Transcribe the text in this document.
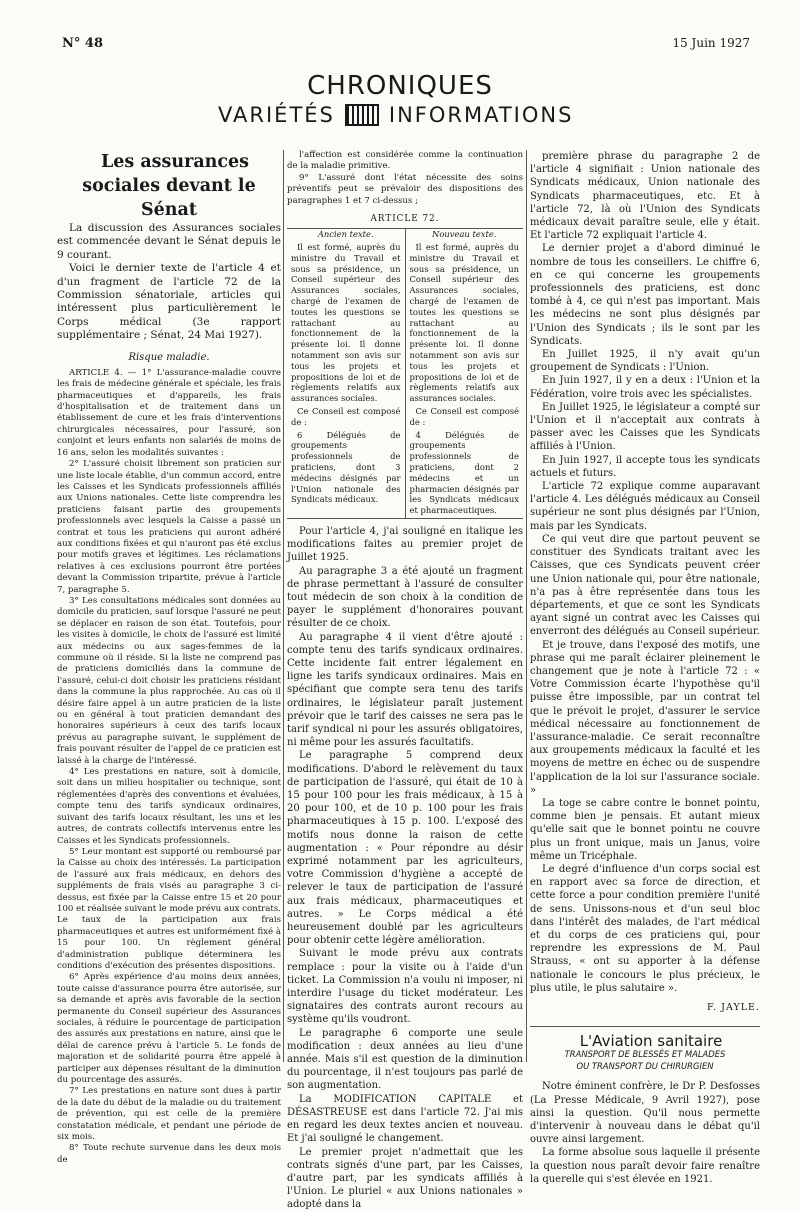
N° 48	15 Juin 1927
CHRONIQUES
VARIÉTÉS	INFORMATIONS

Les assurances sociales devant le Sénat

La discussion des Assurances sociales est commencée devant le Sénat depuis le 9 courant.

Voici le dernier texte de l'article 4 et d'un fragment de l'article 72 de la Commission sénatoriale, articles qui intéressent plus particulièrement le Corps médical (3e rapport supplémentaire ; Sénat, 24 Mai 1927).

Risque maladie.

ARTICLE 4. — 1° L'assurance-maladie couvre les frais de médecine générale et spéciale, les frais pharmaceutiques et d'appareils, les frais d'hospitalisation et de traitement dans un établissement de cure et les frais d'interventions chirurgicales nécessaires, pour l'assuré, son conjoint et leurs enfants non salariés de moins de 16 ans, selon les modalités suivantes :

2° L'assuré choisit librement son praticien sur une liste locale établie, d'un commun accord, entre les Caisses et les Syndicats professionnels affiliés aux Unions nationales. Cette liste comprendra les praticiens faisant partie des groupements professionnels avec lesquels la Caisse a passé un contrat et tous les praticiens qui auront adhéré aux conditions fixées et qui n'auront pas été exclus pour motifs graves et légitimes. Les réclamations relatives à ces exclusions pourront être portées devant la Commission tripartite, prévue à l'article 7, paragraphe 5.

3° Les consultations médicales sont données au domicile du praticien, sauf lorsque l'assuré ne peut se déplacer en raison de son état. Toutefois, pour les visites à domicile, le choix de l'assuré est limité aux médecins ou aux sages-femmes de la commune où il réside. Si la liste ne comprend pas de praticiens domiciliés dans la commune de l'assuré, celui-ci doit choisir les praticiens résidant dans la commune la plus rapprochée. Au cas où il désire faire appel à un autre praticien de la liste ou en général à tout praticien demandant des honoraires supérieurs à ceux des tarifs locaux prévus au paragraphe suivant, le supplément de frais pouvant résulter de l'appel de ce praticien est laissé à la charge de l'intéressé.

4° Les prestations en nature, soit à domicile, soit dans un milieu hospitalier ou technique, sont réglementées d'après des conventions et évaluées, compte tenu des tarifs syndicaux ordinaires, suivant des tarifs locaux résultant, les uns et les autres, de contrats collectifs intervenus entre les Caisses et les Syndicats professionnels.

5° Leur montant est supporté ou remboursé par la Caisse au choix des intéressés. La participation de l'assuré aux frais médicaux, en dehors des suppléments de frais visés au paragraphe 3 ci-dessus, est fixée par la Caisse entre 15 et 20 pour 100 et réalisée suivant le mode prévu aux contrats. Le taux de la participation aux frais pharmaceutiques et autres est uniformément fixé à 15 pour 100. Un règlement général d'administration publique déterminera les conditions d'exécution des présentes dispositions.

6° Après expérience d'au moins deux années, toute caisse d'assurance pourra être autorisée, sur sa demande et après avis favorable de la section permanente du Conseil supérieur des Assurances sociales, à réduire le pourcentage de participation des assurés aux prestations en nature, ainsi que le délai de carence prévu à l'article 5. Le fonds de majoration et de solidarité pourra être appelé à participer aux dépenses résultant de la diminution du pourcentage des assurés.

7° Les prestations en nature sont dues à partir de la date du début de la maladie ou du traitement de prévention, qui est celle de la première constatation médicale, et pendant une période de six mois.

8° Toute rechute survenue dans les deux mois de

l'affection est considérée comme la continuation de la maladie primitive.

9° L'assuré dont l'état nécessite des soins préventifs peut se prévaloir des dispositions des paragraphes 1 et 7 ci-dessus ;

ARTICLE 72.
Ancien texte.

Il est formé, auprès du ministre du Travail et sous sa présidence, un Conseil supérieur des Assurances sociales, chargé de l'examen de toutes les questions se rattachant au fonctionnement de la présente loi. Il donne notamment son avis sur tous les projets et propositions de loi et de règlements relatifs aux assurances sociales.

Ce Conseil est composé de :

6 Délégués de groupements professionnels de praticiens, dont 3 médecins désignés par l'Union nationale des Syndicats médicaux.

Nouveau texte.

Il est formé, auprès du ministre du Travail et sous sa présidence, un Conseil supérieur des Assurances sociales, chargé de l'examen de toutes les questions se rattachant au fonctionnement de la présente loi. Il donne notamment son avis sur tous les projets et propositions de loi et de règlements relatifs aux assurances sociales.

Ce Conseil est composé de :

4 Délégués de groupements professionnels de praticiens, dont 2 médecins et un pharmacien désignés par les Syndicats médicaux et pharmaceutiques.

Pour l'article 4, j'ai souligné en italique les modifications faites au premier projet de Juillet 1925.

Au paragraphe 3 a été ajouté un fragment de phrase permettant à l'assuré de consulter tout médecin de son choix à la condition de payer le supplément d'honoraires pouvant résulter de ce choix.

Au paragraphe 4 il vient d'être ajouté : compte tenu des tarifs syndicaux ordinaires. Cette incidente fait entrer légalement en ligne les tarifs syndicaux ordinaires. Mais en spécifiant que compte sera tenu des tarifs ordinaires, le législateur paraît justement prévoir que le tarif des caisses ne sera pas le tarif syndical ni pour les assurés obligatoires, ni même pour les assurés facultatifs.

Le paragraphe 5 comprend deux modifications. D'abord le relèvement du taux de participation de l'assuré, qui était de 10 à 15 pour 100 pour les frais médicaux, à 15 à 20 pour 100, et de 10 p. 100 pour les frais pharmaceutiques à 15 p. 100. L'exposé des motifs nous donne la raison de cette augmentation : « Pour répondre au désir exprimé notamment par les agriculteurs, votre Commission d'hygiène a accepté de relever le taux de participation de l'assuré aux frais médicaux, pharmaceutiques et autres. » Le Corps médical a été heureusement doublé par les agriculteurs pour obtenir cette légère amélioration.

Suivant le mode prévu aux contrats remplace : pour la visite ou à l'aide d'un ticket. La Commission n'a voulu ni imposer, ni interdire l'usage du ticket modérateur. Les signataires des contrats auront recours au système qu'ils voudront.

Le paragraphe 6 comporte une seule modification : deux années au lieu d'une année. Mais s'il est question de la diminution du pourcentage, il n'est toujours pas parlé de son augmentation.

La MODIFICATION CAPITALE et DÉSASTREUSE est dans l'article 72. J'ai mis en regard les deux textes ancien et nouveau. Et j'ai souligné le changement.

Le premier projet n'admettait que les contrats signés d'une part, par les Caisses, d'autre part, par les syndicats affiliés à l'Union. Le pluriel « aux Unions nationales » adopté dans la

première phrase du paragraphe 2 de l'article 4 signifiait : Union nationale des Syndicats médicaux, Union nationale des Syndicats pharmaceutiques, etc. Et à l'article 72, là où l'Union des Syndicats médicaux devait paraître seule, elle y était. Et l'article 72 expliquait l'article 4.

Le dernier projet a d'abord diminué le nombre de tous les conseillers. Le chiffre 6, en ce qui concerne les groupements professionnels des praticiens, est donc tombé à 4, ce qui n'est pas important. Mais les médecins ne sont plus désignés par l'Union des Syndicats ; ils le sont par les Syndicats.

En Juillet 1925, il n'y avait qu'un groupement de Syndicats : l'Union.

En Juin 1927, il y en a deux : l'Union et la Fédération, voire trois avec les spécialistes.

En Juillet 1925, le législateur a compté sur l'Union et il n'acceptait aux contrats à passer avec les Caisses que les Syndicats affiliés à l'Union.

En Juin 1927, il accepte tous les syndicats actuels et futurs.

L'article 72 explique comme auparavant l'article 4. Les délégués médicaux au Conseil supérieur ne sont plus désignés par l'Union, mais par les Syndicats.

Ce qui veut dire que partout peuvent se constituer des Syndicats traitant avec les Caisses, que ces Syndicats peuvent créer une Union nationale qui, pour être nationale, n'a pas à être représentée dans tous les départements, et que ce sont les Syndicats ayant signé un contrat avec les Caisses qui enverront des délégués au Conseil supérieur.

Et je trouve, dans l'exposé des motifs, une phrase qui me paraît éclairer pleinement le changement que je note à l'article 72 : « Votre Commission écarte l'hypothèse qu'il puisse être impossible, par un contrat tel que le prévoit le projet, d'assurer le service médical nécessaire au fonctionnement de l'assurance-maladie. Ce serait reconnaître aux groupements médicaux la faculté et les moyens de mettre en échec ou de suspendre l'application de la loi sur l'assurance sociale. »

La toge se cabre contre le bonnet pointu, comme bien je pensais. Et autant mieux qu'elle sait que le bonnet pointu ne couvre plus un front unique, mais un Janus, voire même un Tricéphale.

Le degré d'influence d'un corps social est en rapport avec sa force de direction, et cette force a pour condition première l'unité de sens. Unissons-nous et d'un seul bloc dans l'intérêt des malades, de l'art médical et du corps de ces praticiens qui, pour reprendre les expressions de M. Paul Strauss, « ont su apporter à la défense nationale le concours le plus précieux, le plus utile, le plus salutaire ».

F. JAYLE.

L'Aviation sanitaire

TRANSPORT DE BLESSÉS ET MALADES
OU TRANSPORT DU CHIRURGIEN

Notre éminent confrère, le Dr P. Desfosses (La Presse Médicale, 9 Avril 1927), pose ainsi la question. Qu'il nous permette d'intervenir à nouveau dans le débat qu'il ouvre ainsi largement.

La forme absolue sous laquelle il présente la question nous paraît devoir faire renaître la querelle qui s'est élevée en 1921.
